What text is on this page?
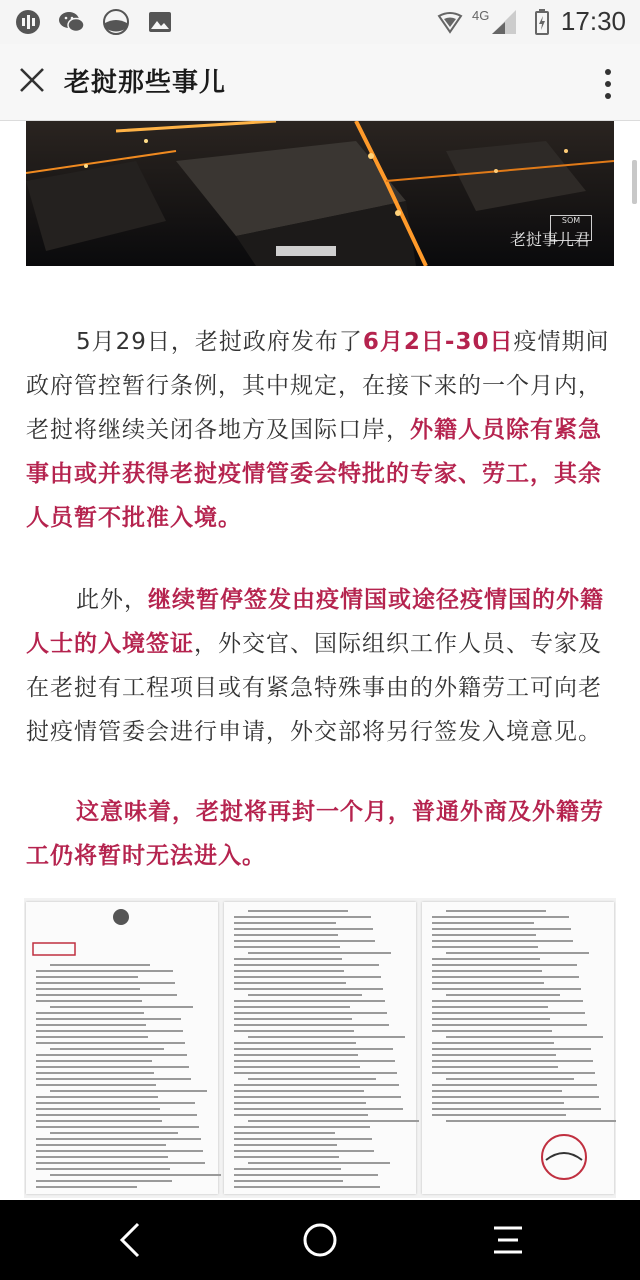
4G	17:30
老挝那些事儿
SOM
老挝事儿君
5月29日，老挝政府发布了6月2日-30日疫情期间政府管控暂行条例，其中规定，在接下来的一个月内，老挝将继续关闭各地方及国际口岸，外籍人员除有紧急事由或并获得老挝疫情管委会特批的专家、劳工，其余人员暂不批准入境。
此外，继续暂停签发由疫情国或途径疫情国的外籍人士的入境签证，外交官、国际组织工作人员、专家及在老挝有工程项目或有紧急特殊事由的外籍劳工可向老挝疫情管委会进行申请，外交部将另行签发入境意见。
这意味着，老挝将再封一个月，普通外商及外籍劳工仍将暂时无法进入。
